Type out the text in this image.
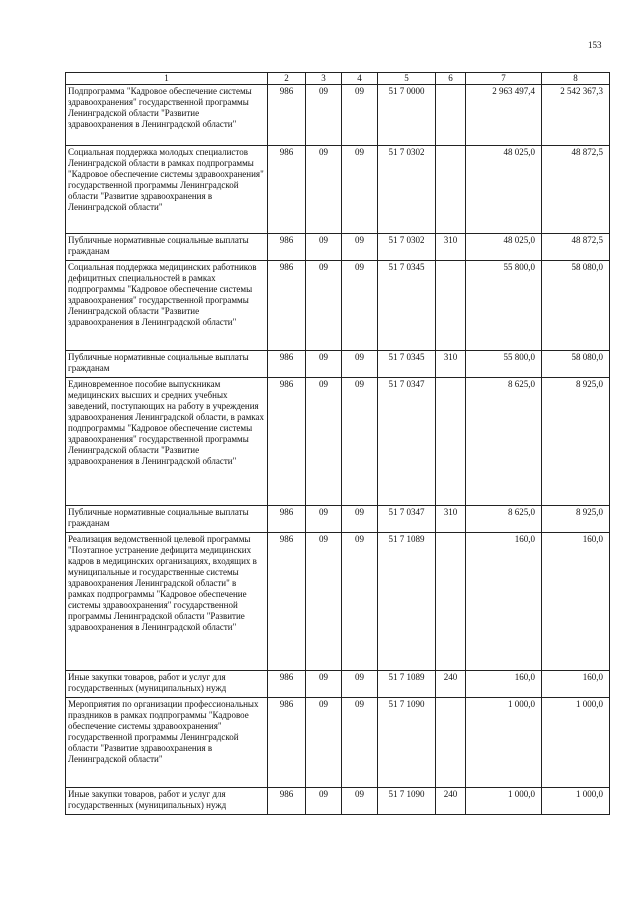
153
1	2	3	4	5	6	7	8
Подпрограмма "Кадровое обеспечение системы здравоохранения" государственной программы Ленинградской области "Развитие здравоохранения в Ленинградской области"	986	09	09	51 7 0000		2 963 497,4	2 542 367,3
Социальная поддержка молодых специалистов Ленинградской области в рамках подпрограммы "Кадровое обеспечение системы здравоохранения" государственной программы Ленинградской области "Развитие здравоохранения в Ленинградской области"	986	09	09	51 7 0302		48 025,0	48 872,5
Публичные нормативные социальные выплаты гражданам	986	09	09	51 7 0302	310	48 025,0	48 872,5
Социальная поддержка медицинских работников дефицитных специальностей в рамках подпрограммы "Кадровое обеспечение системы здравоохранения" государственной программы Ленинградской области "Развитие здравоохранения в Ленинградской области"	986	09	09	51 7 0345		55 800,0	58 080,0
Публичные нормативные социальные выплаты гражданам	986	09	09	51 7 0345	310	55 800,0	58 080,0
Единовременное пособие выпускникам медицинских высших и средних учебных заведений, поступающих на работу в учреждения здравоохранения Ленинградской области, в рамках подпрограммы "Кадровое обеспечение системы здравоохранения" государственной программы Ленинградской области "Развитие здравоохранения в Ленинградской области"	986	09	09	51 7 0347		8 625,0	8 925,0
Публичные нормативные социальные выплаты гражданам	986	09	09	51 7 0347	310	8 625,0	8 925,0
Реализация ведомственной целевой программы "Поэтапное устранение дефицита медицинских кадров в медицинских организациях, входящих в муниципальные и государственные системы здравоохранения Ленинградской области" в рамках подпрограммы "Кадровое обеспечение системы здравоохранения" государственной программы Ленинградской области "Развитие здравоохранения в Ленинградской области"	986	09	09	51 7 1089		160,0	160,0
Иные закупки товаров, работ и услуг для государственных (муниципальных) нужд	986	09	09	51 7 1089	240	160,0	160,0
Мероприятия по организации профессиональных праздников в рамках подпрограммы "Кадровое обеспечение системы здравоохранения" государственной программы Ленинградской области "Развитие здравоохранения в Ленинградской области"	986	09	09	51 7 1090		1 000,0	1 000,0
Иные закупки товаров, работ и услуг для государственных (муниципальных) нужд	986	09	09	51 7 1090	240	1 000,0	1 000,0
